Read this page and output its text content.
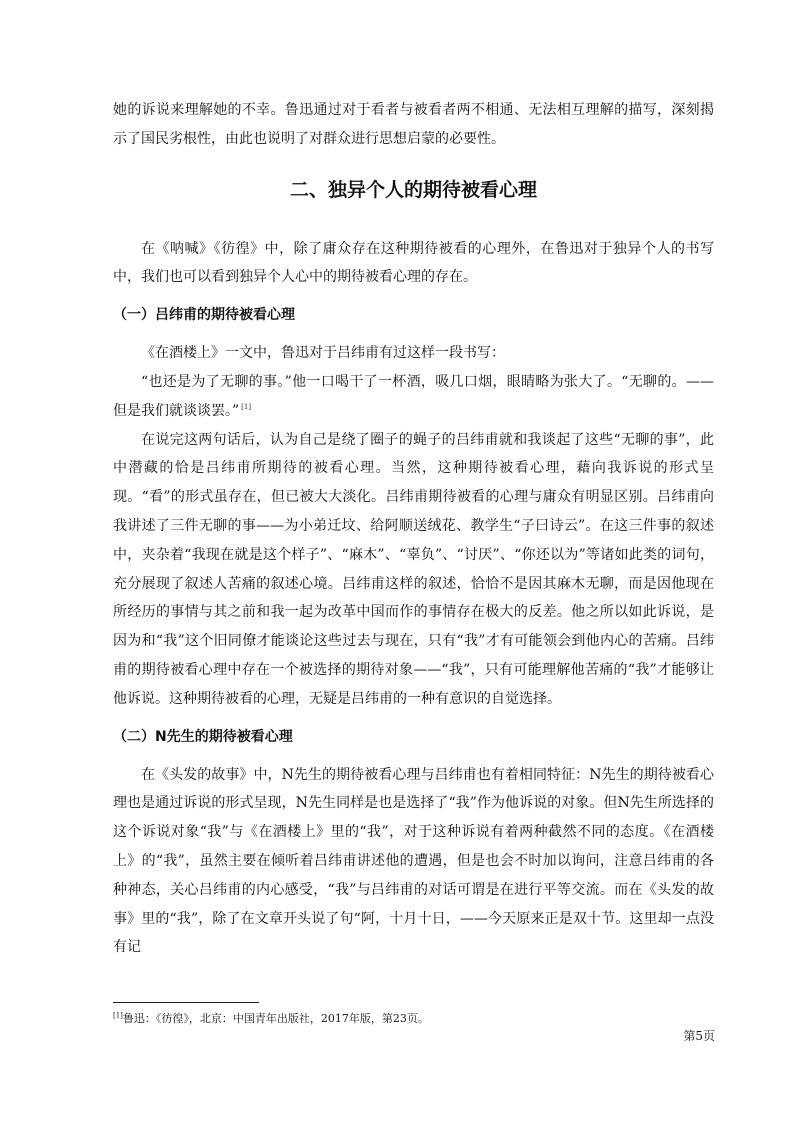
她的诉说来理解她的不幸。鲁迅通过对于看者与被看者两不相通、无法相互理解的描写，深刻揭示了国民劣根性，由此也说明了对群众进行思想启蒙的必要性。

二、独异个人的期待被看心理

在《呐喊》《彷徨》中，除了庸众存在这种期待被看的心理外，在鲁迅对于独异个人的书写中，我们也可以看到独异个人心中的期待被看心理的存在。

（一）吕纬甫的期待被看心理

《在酒楼上》一文中，鲁迅对于吕纬甫有过这样一段书写：

“也还是为了无聊的事。”他一口喝干了一杯酒，吸几口烟，眼睛略为张大了。“无聊的。——但是我们就谈谈罢。” [1]

在说完这两句话后，认为自己是绕了圈子的蝇子的吕纬甫就和我谈起了这些“无聊的事”，此中潜藏的恰是吕纬甫所期待的被看心理。当然，这种期待被看心理，藉向我诉说的形式呈现。“看”的形式虽存在，但已被大大淡化。吕纬甫期待被看的心理与庸众有明显区别。吕纬甫向我讲述了三件无聊的事——为小弟迁坟、给阿顺送绒花、教学生“子曰诗云”。在这三件事的叙述中，夹杂着“我现在就是这个样子”、“麻木”、“辜负”、“讨厌”、“你还以为”等诸如此类的词句，充分展现了叙述人苦痛的叙述心境。吕纬甫这样的叙述，恰恰不是因其麻木无聊，而是因他现在所经历的事情与其之前和我一起为改革中国而作的事情存在极大的反差。他之所以如此诉说，是因为和“我”这个旧同僚才能谈论这些过去与现在，只有“我”才有可能领会到他内心的苦痛。吕纬甫的期待被看心理中存在一个被选择的期待对象——“我”，只有可能理解他苦痛的“我”才能够让他诉说。这种期待被看的心理，无疑是吕纬甫的一种有意识的自觉选择。

（二）N先生的期待被看心理

在《头发的故事》中，N先生的期待被看心理与吕纬甫也有着相同特征：N先生的期待被看心理也是通过诉说的形式呈现，N先生同样是也是选择了“我”作为他诉说的对象。但N先生所选择的这个诉说对象“我”与《在酒楼上》里的“我”，对于这种诉说有着两种截然不同的态度。《在酒楼上》的“我”，虽然主要在倾听着吕纬甫讲述他的遭遇，但是也会不时加以询问，注意吕纬甫的各种神态，关心吕纬甫的内心感受，“我”与吕纬甫的对话可谓是在进行平等交流。而在《头发的故事》里的“我”，除了在文章开头说了句“阿，十月十日，——今天原来正是双十节。这里却一点没有记

[1]鲁迅：《彷徨》，北京：中国青年出版社，2017年版，第23页。
第5页
